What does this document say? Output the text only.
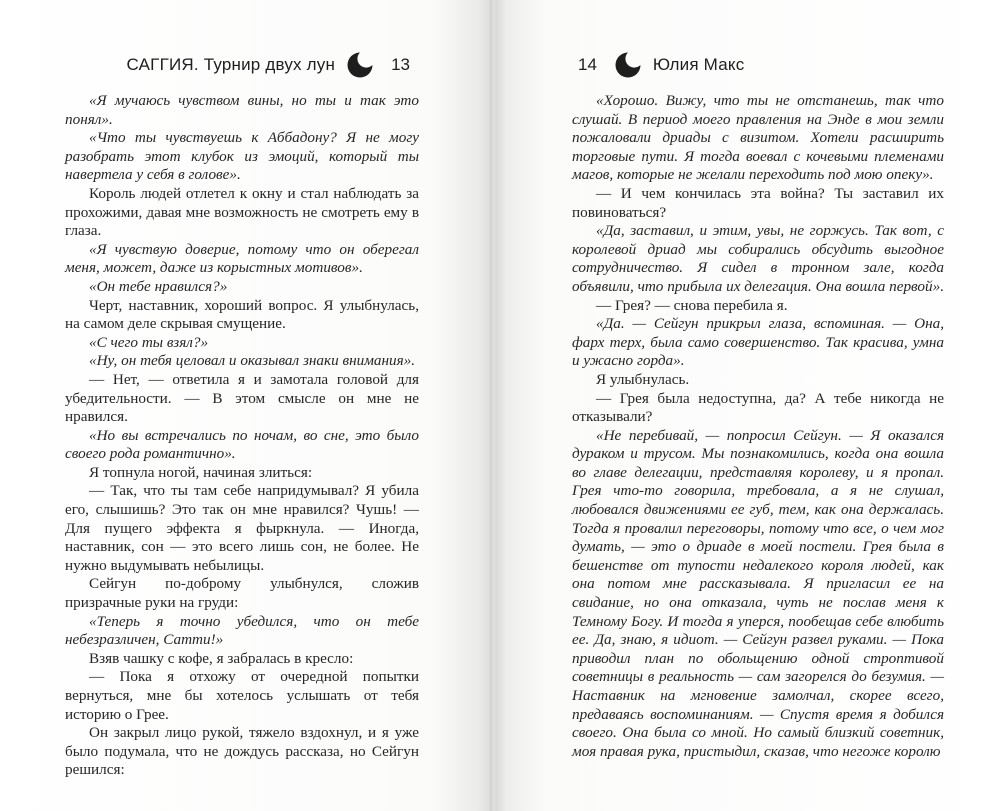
САГГИЯ. Турнир двух лун	13

«Я мучаюсь чувством вины, но ты и так это понял».

«Что ты чувствуешь к Аббадону? Я не могу разобрать этот клубок из эмоций, который ты навертела у себя в голове».

Король людей отлетел к окну и стал наблюдать за прохожими, давая мне возможность не смотреть ему в глаза.

«Я чувствую доверие, потому что он оберегал меня, может, даже из корыстных мотивов».

«Он тебе нравился?»

Черт, наставник, хороший вопрос. Я улыбнулась, на самом деле скрывая смущение.

«С чего ты взял?»

«Ну, он тебя целовал и оказывал знаки внимания».

— Нет, — ответила я и замотала головой для убедительности. — В этом смысле он мне не нравился.

«Но вы встречались по ночам, во сне, это было своего рода романтично».

Я топнула ногой, начиная злиться:

— Так, что ты там себе напридумывал? Я убила его, слышишь? Это так он мне нравился? Чушь! — Для пущего эффекта я фыркнула. — Иногда, наставник, сон — это всего лишь сон, не более. Не нужно выдумывать небылицы.

Сейгун по-доброму улыбнулся, сложив призрачные руки на груди:

«Теперь я точно убедился, что он тебе небезразличен, Сатти!»

Взяв чашку с кофе, я забралась в кресло:

— Пока я отхожу от очередной попытки вернуться, мне бы хотелось услышать от тебя историю о Грее.

Он закрыл лицо рукой, тяжело вздохнул, и я уже было подумала, что не дождусь рассказа, но Сейгун решился:

14	Юлия Макс

«Хорошо. Вижу, что ты не отстанешь, так что слушай. В период моего правления на Энде в мои земли пожаловали дриады с визитом. Хотели расширить торговые пути. Я тогда воевал с кочевыми племенами магов, которые не желали переходить под мою опеку».

— И чем кончилась эта война? Ты заставил их повиноваться?

«Да, заставил, и этим, увы, не горжусь. Так вот, с королевой дриад мы собирались обсудить выгодное сотрудничество. Я сидел в тронном зале, когда объявили, что прибыла их делегация. Она вошла первой».

— Грея? — снова перебила я.

«Да. — Сейгун прикрыл глаза, вспоминая. — Она, фарх терх, была само совершенство. Так красива, умна и ужасно горда».

Я улыбнулась.

— Грея была недоступна, да? А тебе никогда не отказывали?

«Не перебивай, — попросил Сейгун. — Я оказался дураком и трусом. Мы познакомились, когда она вошла во главе делегации, представляя королеву, и я пропал. Грея что-то говорила, требовала, а я не слушал, любовался движениями ее губ, тем, как она держалась. Тогда я провалил переговоры, потому что все, о чем мог думать, — это о дриаде в моей постели. Грея была в бешенстве от тупости недалекого короля людей, как она потом мне рассказывала. Я пригласил ее на свидание, но она отказала, чуть не послав меня к Темному Богу. И тогда я уперся, пообещав себе влюбить ее. Да, знаю, я идиот. — Сейгун развел руками. — Пока приводил план по обольщению одной строптивой советницы в реальность — сам загорелся до безумия. — Наставник на мгновение замолчал, скорее всего, предаваясь воспоминаниям. — Спустя время я добился своего. Она была со мной. Но самый близкий советник, моя правая рука, пристыдил, сказав, что негоже королю
